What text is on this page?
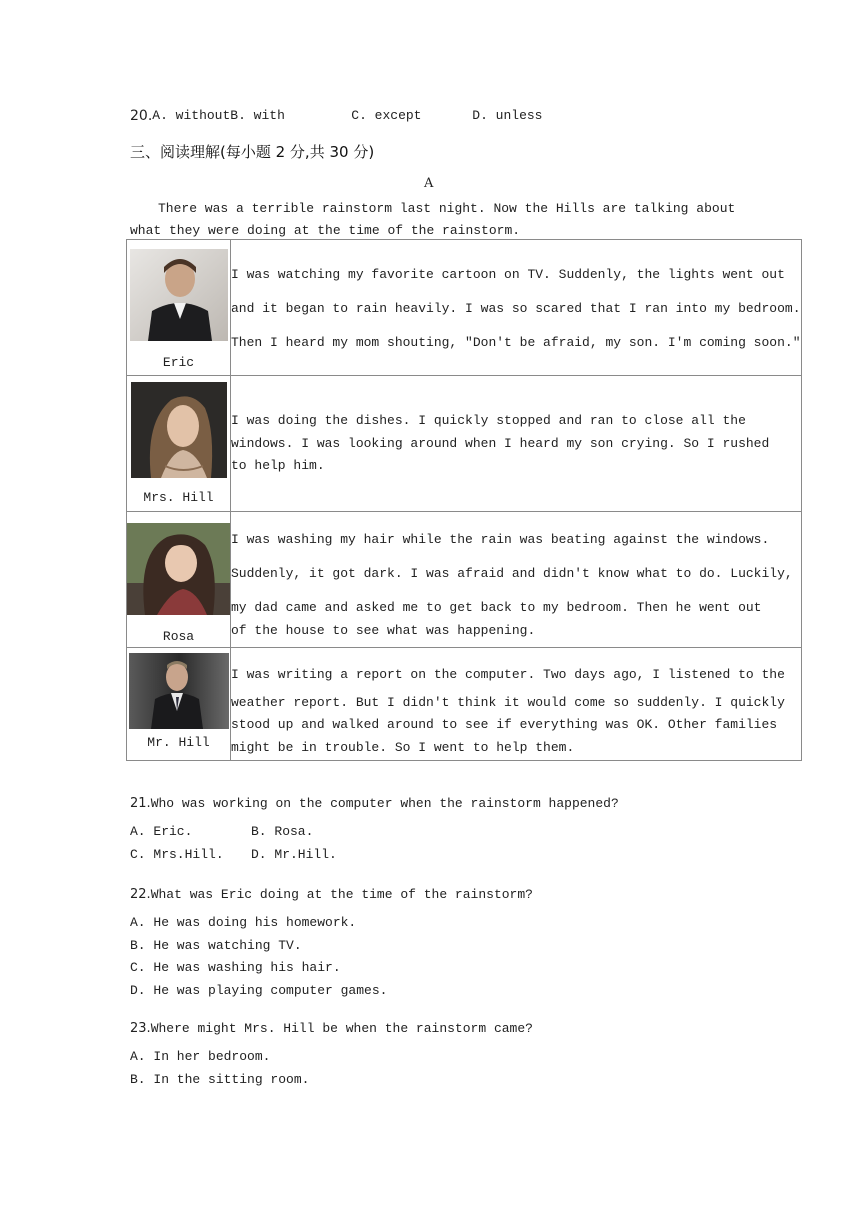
20. A. without B. with	C. except	D. unless
三、阅读理解(每小题 2 分,共 30 分)
A
There was a terrible rainstorm last night. Now the Hills are talking about what they were doing at the time of the rainstorm.
Eric	I was watching my favorite cartoon on TV. Suddenly, the lights went out
and it began to rain heavily. I was so scared that I ran into my bedroom.
Then I heard my mom shouting, "Don't be afraid, my son. I'm coming soon."

Mrs. Hill	I was doing the dishes. I quickly stopped and ran to close all the
windows. I was looking around when I heard my son crying. So I rushed
to help him.

Rosa	I was washing my hair while the rain was beating against the windows.
Suddenly, it got dark. I was afraid and didn't know what to do. Luckily,
my dad came and asked me to get back to my bedroom. Then he went out
of the house to see what was happening.

Mr. Hill	I was writing a report on the computer. Two days ago, I listened to the
weather report. But I didn't think it would come so suddenly. I quickly
stood up and walked around to see if everything was OK. Other families
might be in trouble. So I went to help them.
21.Who was working on the computer when the rainstorm happened?
A. Eric.	B. Rosa.
C. Mrs.Hill. D. Mr.Hill.
22.What was Eric doing at the time of the rainstorm?
A. He was doing his homework.
B. He was watching TV.
C. He was washing his hair.
D. He was playing computer games.
23.Where might Mrs. Hill be when the rainstorm came?
A. In her bedroom.
B. In the sitting room.
